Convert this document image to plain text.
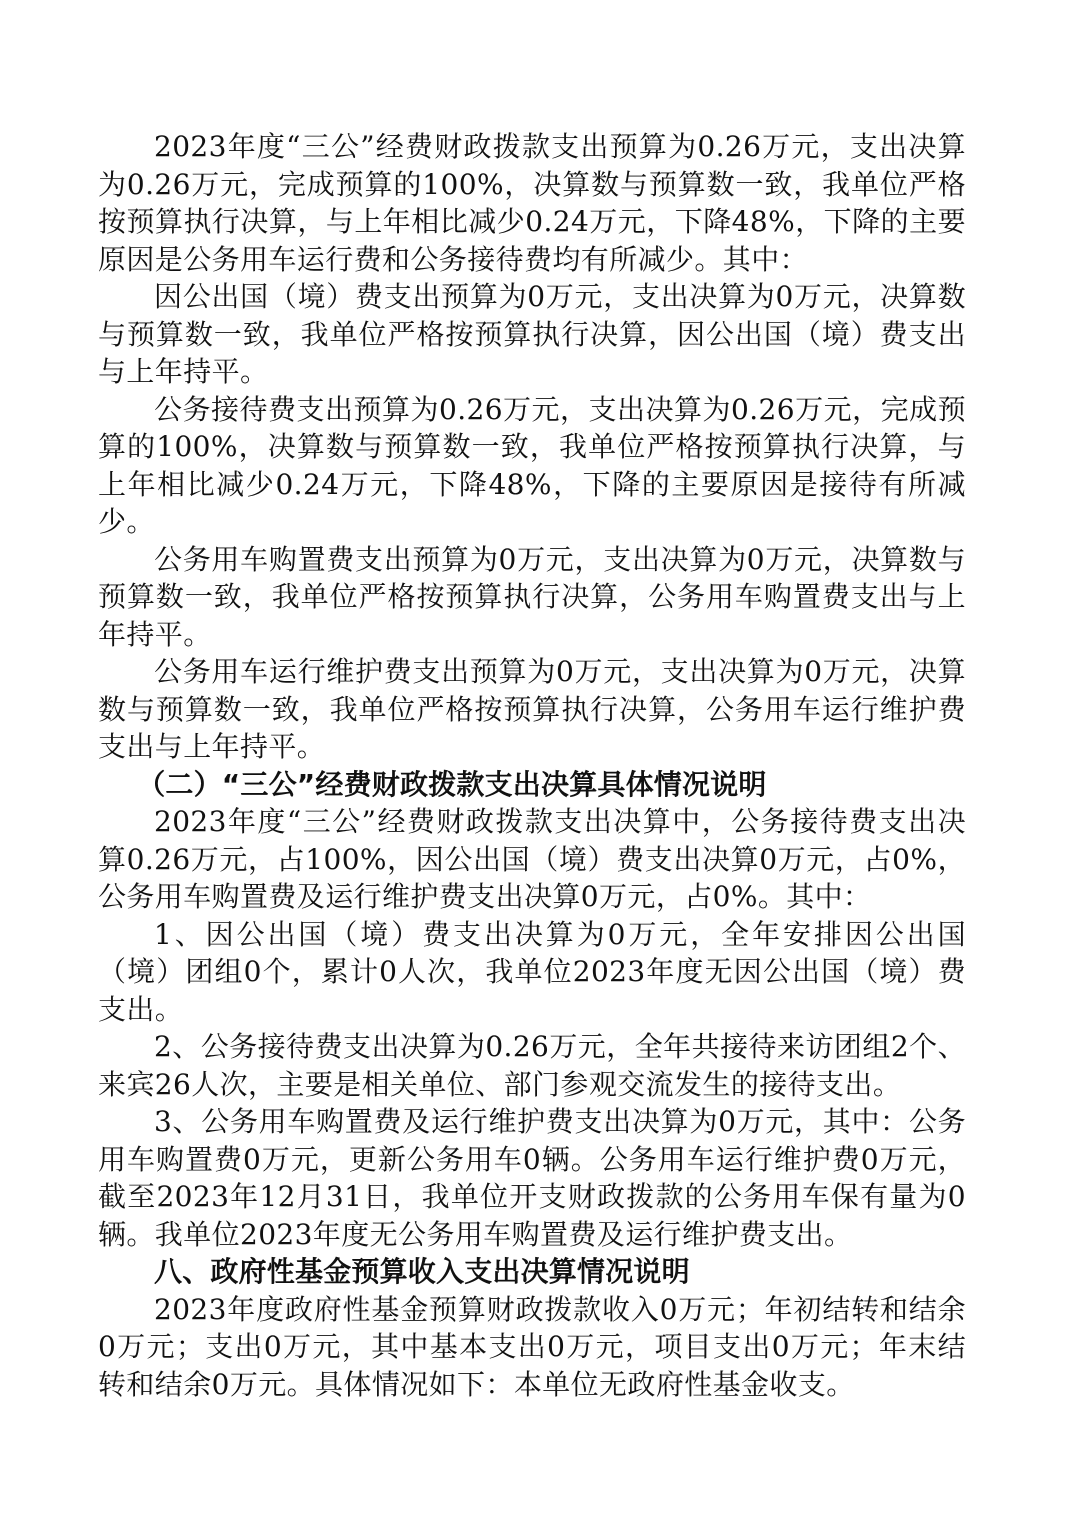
2023年度“三公”经费财政拨款支出预算为0.26万元，支出决算为0.26万元，完成预算的100%，决算数与预算数一致，我单位严格按预算执行决算，与上年相比减少0.24万元，下降48%，下降的主要原因是公务用车运行费和公务接待费均有所减少。其中：

因公出国（境）费支出预算为0万元，支出决算为0万元，决算数与预算数一致，我单位严格按预算执行决算，因公出国（境）费支出与上年持平。

公务接待费支出预算为0.26万元，支出决算为0.26万元，完成预算的100%，决算数与预算数一致，我单位严格按预算执行决算，与上年相比减少0.24万元，下降48%，下降的主要原因是接待有所减少。

公务用车购置费支出预算为0万元，支出决算为0万元，决算数与预算数一致，我单位严格按预算执行决算，公务用车购置费支出与上年持平。

公务用车运行维护费支出预算为0万元，支出决算为0万元，决算数与预算数一致，我单位严格按预算执行决算，公务用车运行维护费支出与上年持平。

（二）“三公”经费财政拨款支出决算具体情况说明

2023年度“三公”经费财政拨款支出决算中，公务接待费支出决算0.26万元，占100%，因公出国（境）费支出决算0万元，占0%，公务用车购置费及运行维护费支出决算0万元，占0%。其中：

1、因公出国（境）费支出决算为0万元，全年安排因公出国（境）团组0个，累计0人次，我单位2023年度无因公出国（境）费支出。

2、公务接待费支出决算为0.26万元，全年共接待来访团组2个、来宾26人次，主要是相关单位、部门参观交流发生的接待支出。

3、公务用车购置费及运行维护费支出决算为0万元，其中：公务用车购置费0万元，更新公务用车0辆。公务用车运行维护费0万元，截至2023年12月31日，我单位开支财政拨款的公务用车保有量为0辆。我单位2023年度无公务用车购置费及运行维护费支出。

八、政府性基金预算收入支出决算情况说明

2023年度政府性基金预算财政拨款收入0万元；年初结转和结余0万元；支出0万元，其中基本支出0万元，项目支出0万元；年末结转和结余0万元。具体情况如下：本单位无政府性基金收支。
